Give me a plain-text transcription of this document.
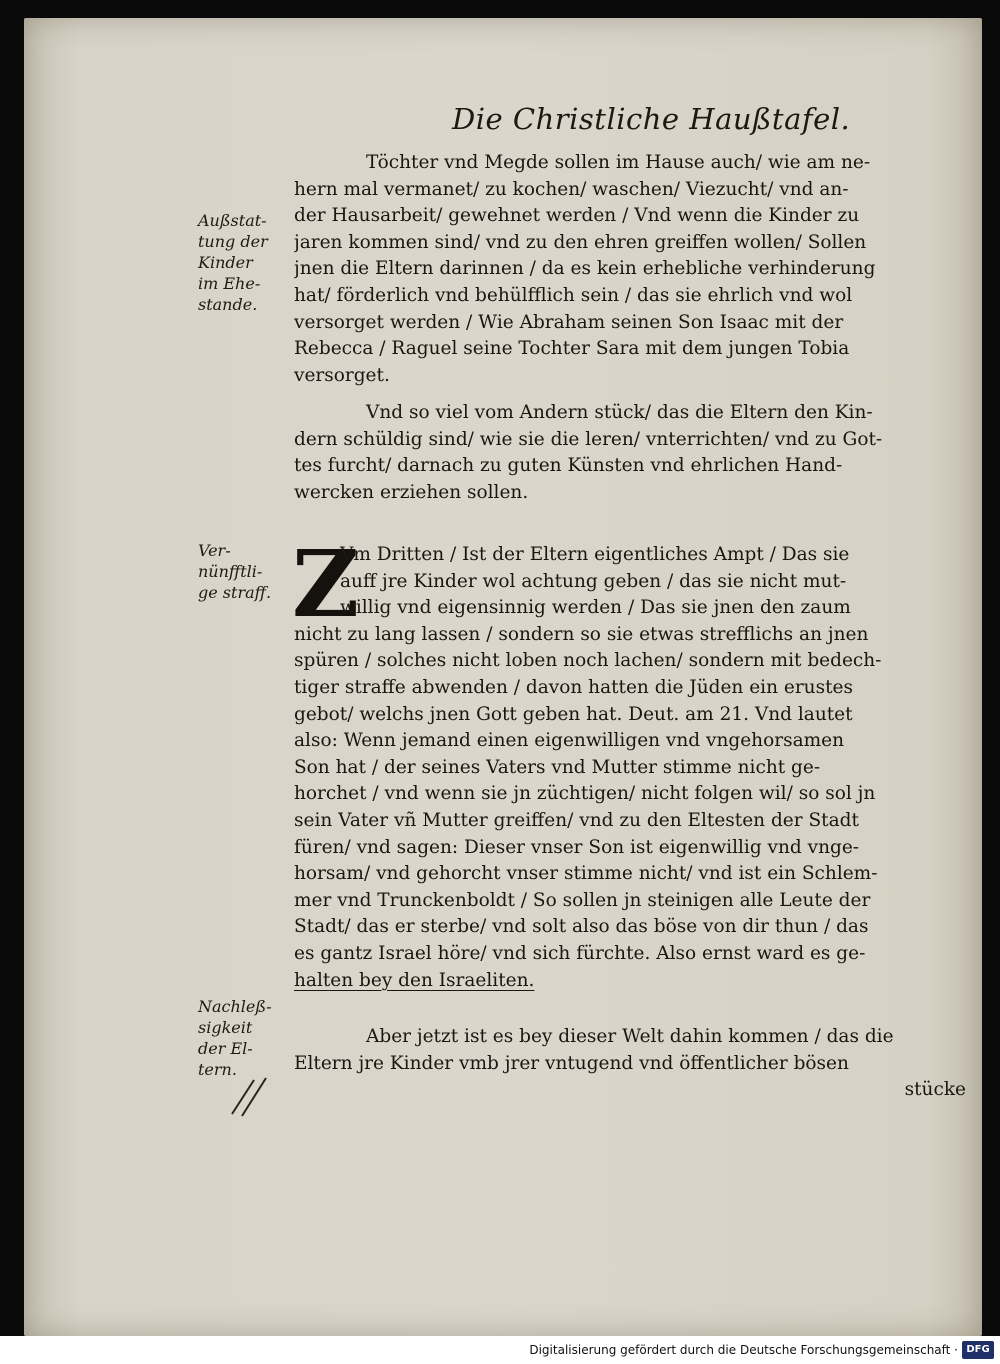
Die Christliche Haußtafel.
Außstat-
tung der
Kinder
im Ehe-
stande.
Ver-
nünfftli-
ge straff.
Nachleß-
sigkeit
der El-
tern.
Töchter vnd Megde sollen im Hause auch/ wie am ne-
hern mal vermanet/ zu kochen/ waschen/ Viezucht/ vnd an-
der Hausarbeit/ gewehnet werden / Vnd wenn die Kinder zu
jaren kommen sind/ vnd zu den ehren greiffen wollen/ Sollen
jnen die Eltern darinnen / da es kein erhebliche verhinderung
hat/ förderlich vnd behülfflich sein / das sie ehrlich vnd wol
versorget werden / Wie Abraham seinen Son Isaac mit der
Rebecca / Raguel seine Tochter Sara mit dem jungen Tobia
versorget.
Vnd so viel vom Andern stück/ das die Eltern den Kin-
dern schüldig sind/ wie sie die leren/ vnterrichten/ vnd zu Got-
tes furcht/ darnach zu guten Künsten vnd ehrlichen Hand-
wercken erziehen sollen.
Z
Vm Dritten / Ist der Eltern eigentliches Ampt / Das sie
auff jre Kinder wol achtung geben / das sie nicht mut-
willig vnd eigensinnig werden / Das sie jnen den zaum
nicht zu lang lassen / sondern so sie etwas strefflichs an jnen
spüren / solches nicht loben noch lachen/ sondern mit bedech-
tiger straffe abwenden / davon hatten die Jüden ein erustes
gebot/ welchs jnen Gott geben hat. Deut. am 21. Vnd lautet
also: Wenn jemand einen eigenwilligen vnd vngehorsamen
Son hat / der seines Vaters vnd Mutter stimme nicht ge-
horchet / vnd wenn sie jn züchtigen/ nicht folgen wil/ so sol jn
sein Vater vñ Mutter greiffen/ vnd zu den Eltesten der Stadt
füren/ vnd sagen: Dieser vnser Son ist eigenwillig vnd vnge-
horsam/ vnd gehorcht vnser stimme nicht/ vnd ist ein Schlem-
mer vnd Trunckenboldt / So sollen jn steinigen alle Leute der
Stadt/ das er sterbe/ vnd solt also das böse von dir thun / das
es gantz Israel höre/ vnd sich fürchte. Also ernst ward es ge-
halten bey den Israeliten.
Aber jetzt ist es bey dieser Welt dahin kommen / das die
Eltern jre Kinder vmb jrer vntugend vnd öffentlicher bösen
stücke
Digitalisierung gefördert durch die Deutsche Forschungsgemeinschaft · DFG
